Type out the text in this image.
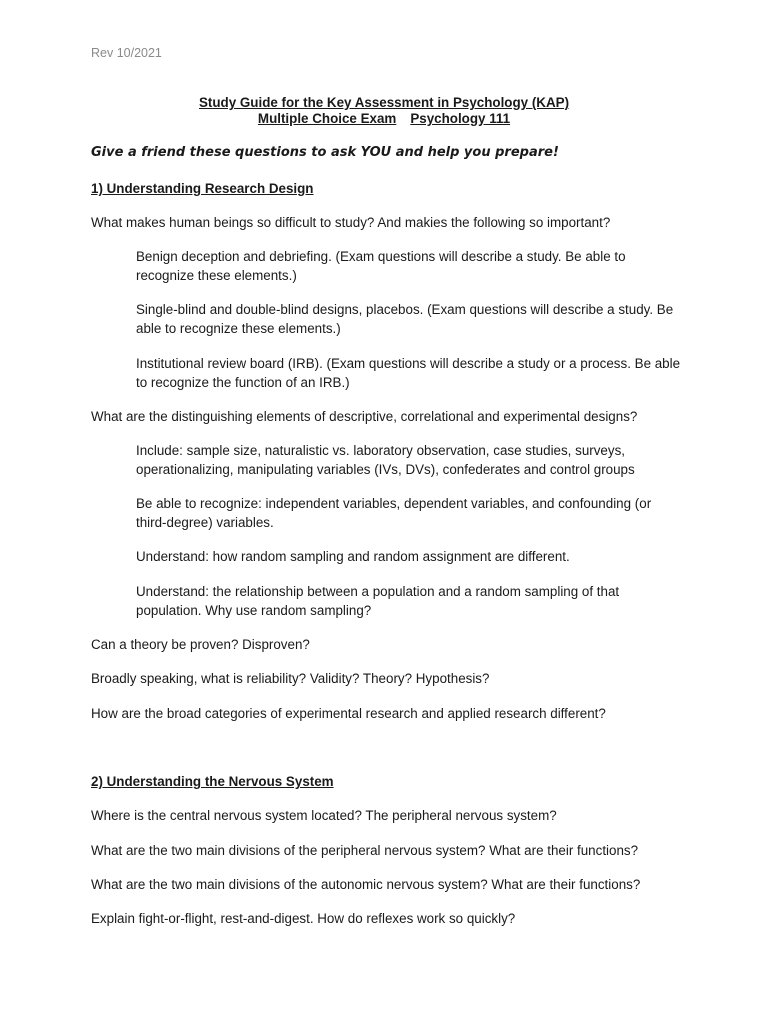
Rev 10/2021
Study Guide for the Key Assessment in Psychology (KAP)
Multiple Choice Exam Psychology 111
Give a friend these questions to ask YOU and help you prepare!
1) Understanding Research Design
What makes human beings so difficult to study? And makies the following so important?
Benign deception and debriefing. (Exam questions will describe a study. Be able to recognize these elements.)
Single-blind and double-blind designs, placebos. (Exam questions will describe a study. Be able to recognize these elements.)
Institutional review board (IRB). (Exam questions will describe a study or a process. Be able to recognize the function of an IRB.)
What are the distinguishing elements of descriptive, correlational and experimental designs?
Include: sample size, naturalistic vs. laboratory observation, case studies, surveys, operationalizing, manipulating variables (IVs, DVs), confederates and control groups
Be able to recognize: independent variables, dependent variables, and confounding (or third-degree) variables.
Understand: how random sampling and random assignment are different.
Understand: the relationship between a population and a random sampling of that population. Why use random sampling?
Can a theory be proven? Disproven?
Broadly speaking, what is reliability? Validity? Theory? Hypothesis?
How are the broad categories of experimental research and applied research different?
2) Understanding the Nervous System
Where is the central nervous system located? The peripheral nervous system?
What are the two main divisions of the peripheral nervous system? What are their functions?
What are the two main divisions of the autonomic nervous system? What are their functions?
Explain fight-or-flight, rest-and-digest. How do reflexes work so quickly?
